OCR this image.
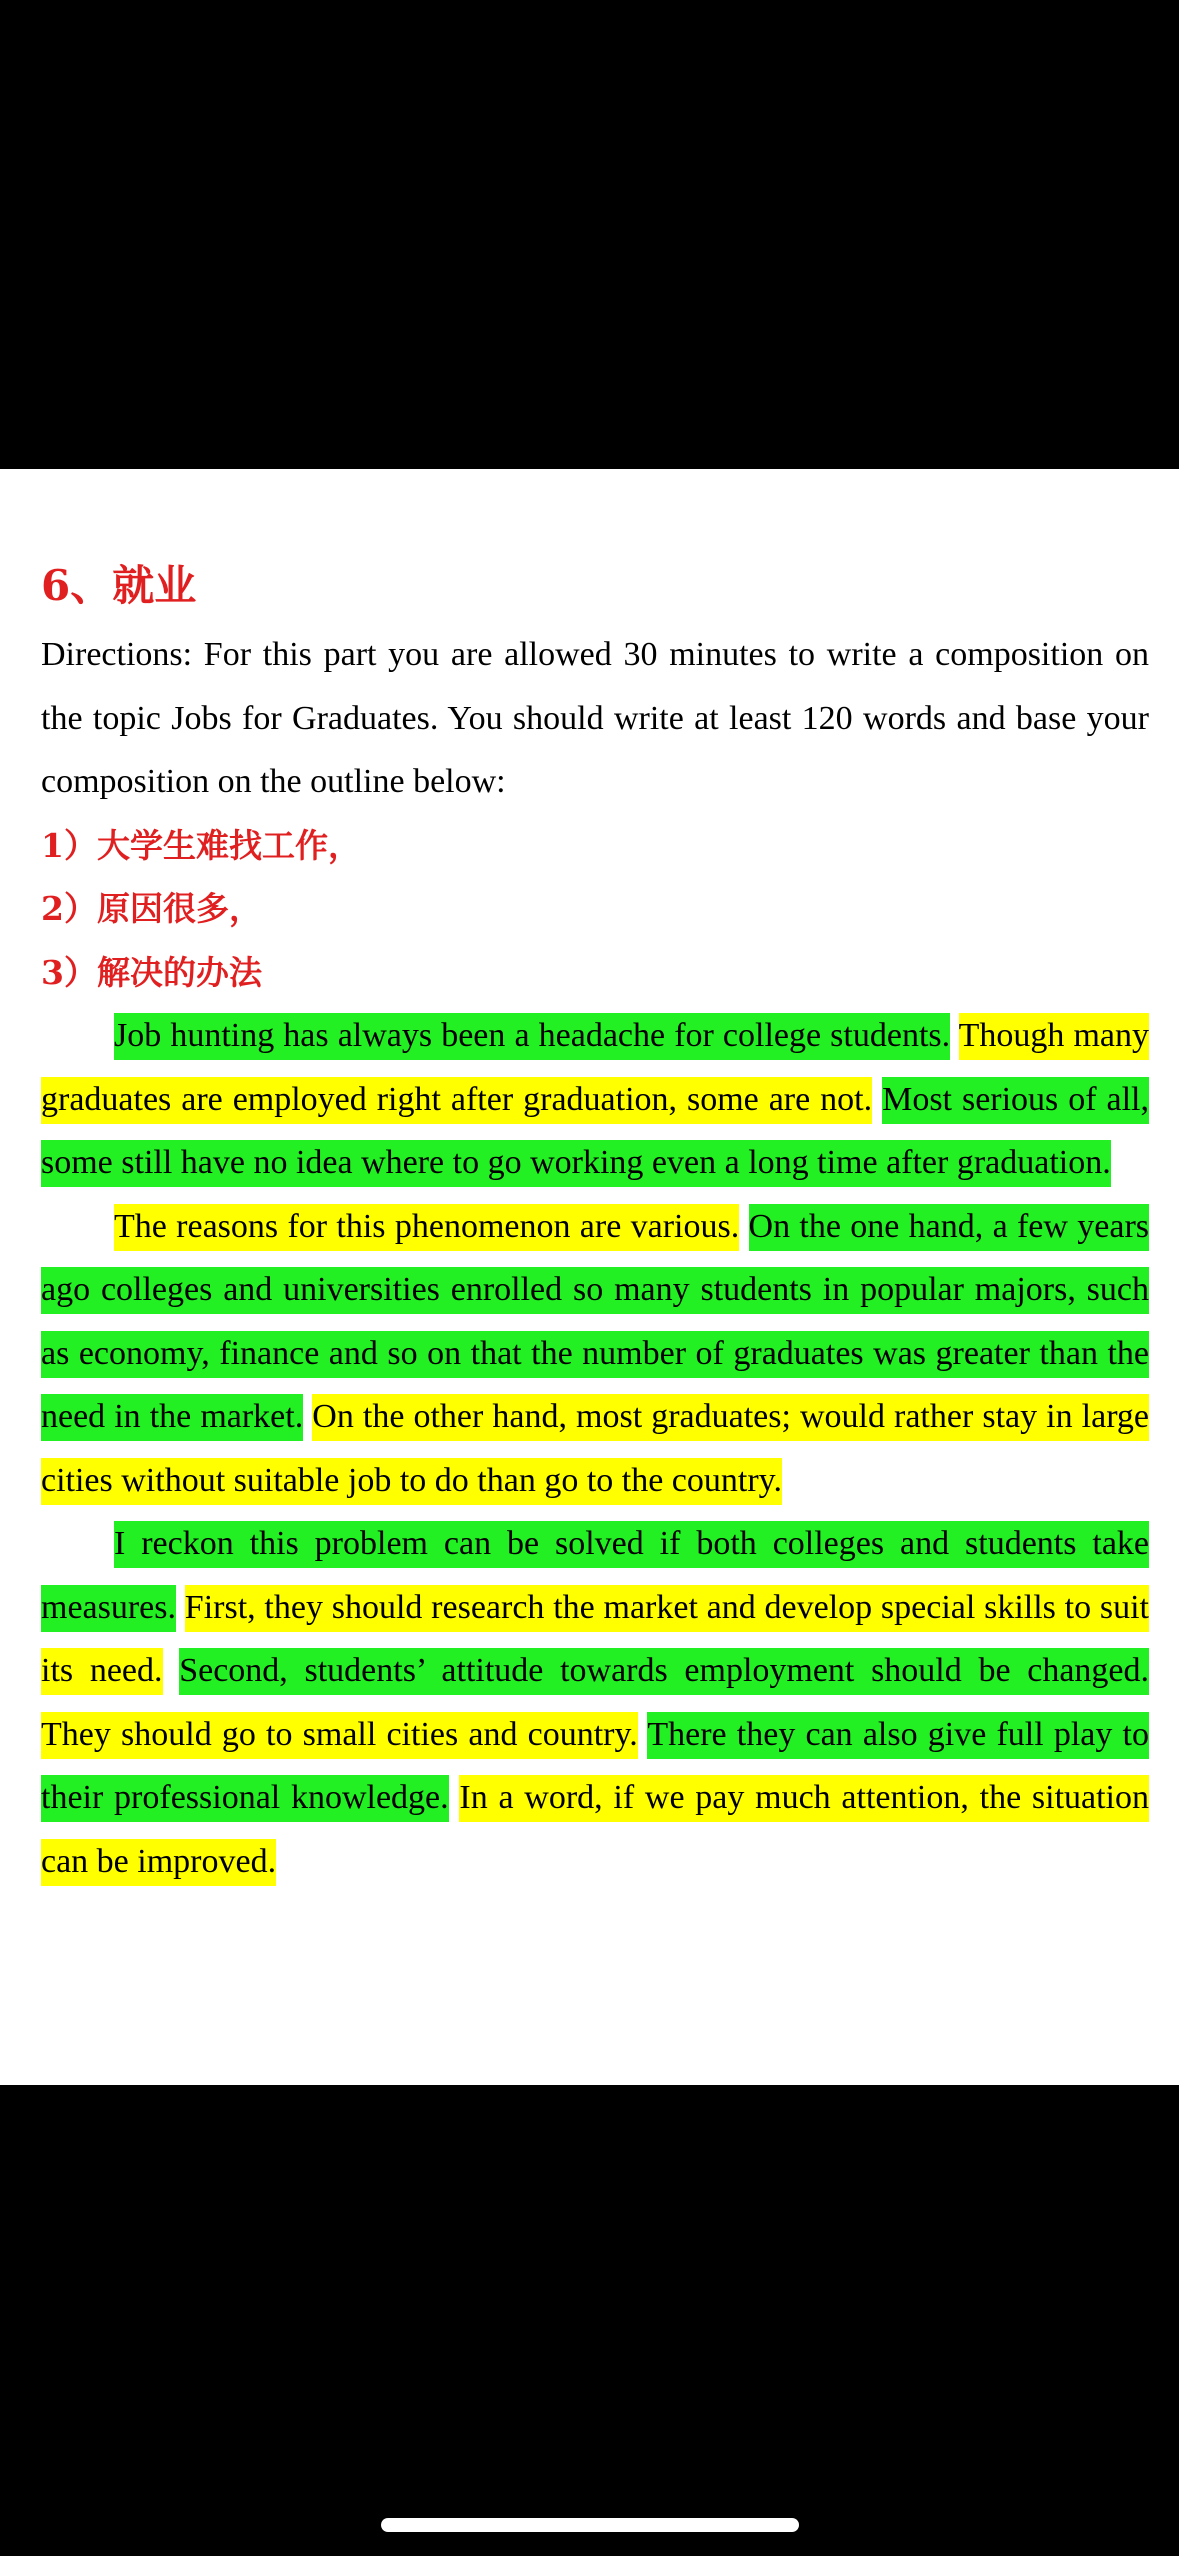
6、就业

Directions: For this part you are allowed 30 minutes to write a composition on the topic Jobs for Graduates. You should write at least 120 words and base your composition on the outline below:

1）大学生难找工作，

2）原因很多，

3）解决的办法

Job hunting has always been a headache for college students. Though many graduates are employed right after graduation, some are not. Most serious of all, some still have no idea where to go working even a long time after graduation.

The reasons for this phenomenon are various. On the one hand, a few years ago colleges and universities enrolled so many students in popular majors, such as economy, finance and so on that the number of graduates was greater than the need in the market. On the other hand, most graduates; would rather stay in large cities without suitable job to do than go to the country.

I reckon this problem can be solved if both colleges and students take measures. First, they should research the market and develop special skills to suit its need. Second, students’ attitude towards employment should be changed. They should go to small cities and country. There they can also give full play to their professional knowledge. In a word, if we pay much attention, the situation can be improved.
